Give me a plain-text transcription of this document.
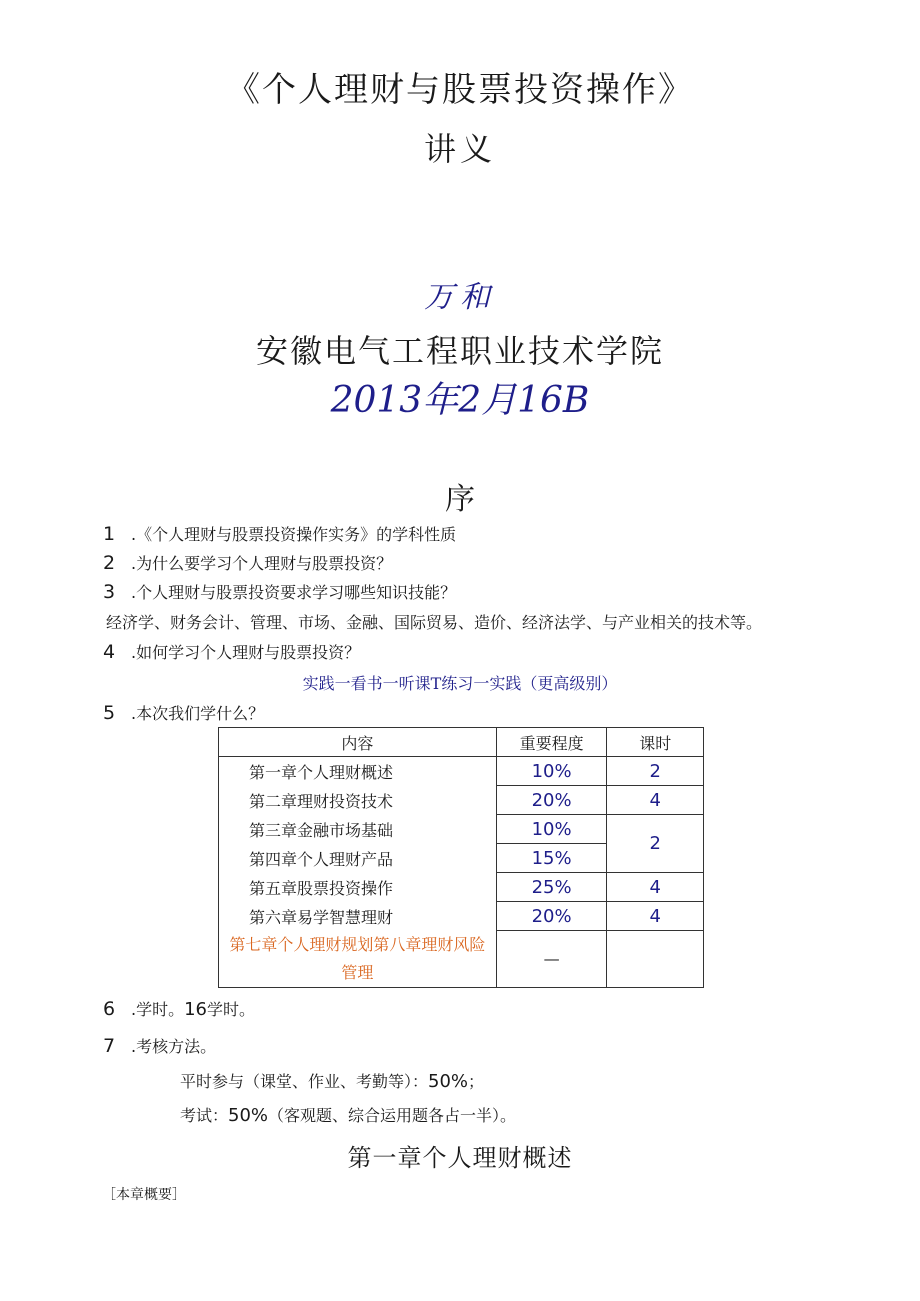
《个人理财与股票投资操作》
讲义
万和
安徽电气工程职业技术学院
2013年2月16B
序
1 .《个人理财与股票投资操作实务》的学科性质
2 .为什么要学习个人理财与股票投资？
3 .个人理财与股票投资要求学习哪些知识技能？
经济学、财务会计、管理、市场、金融、国际贸易、造价、经济法学、与产业相关的技术等。
4 .如何学习个人理财与股票投资？
实践一看书一听课T练习一实践（更高级别）
5 .本次我们学什么？
内容	重要程度	课时
第一章个人理财概述	10%	2
第二章理财投资技术	20%	4
第三章金融市场基础	10%	2
第四章个人理财产品	15%	
第五章股票投资操作	25%	4
第六章易学智慧理财	20%	4
第七章个人理财规划第八章理财风险管理	—	
6 .学时。16学时。
7 .考核方法。
平时参与（课堂、作业、考勤等）：50%；
考试：50%（客观题、综合运用题各占一半）。
第一章个人理财概述
［本章概要］
